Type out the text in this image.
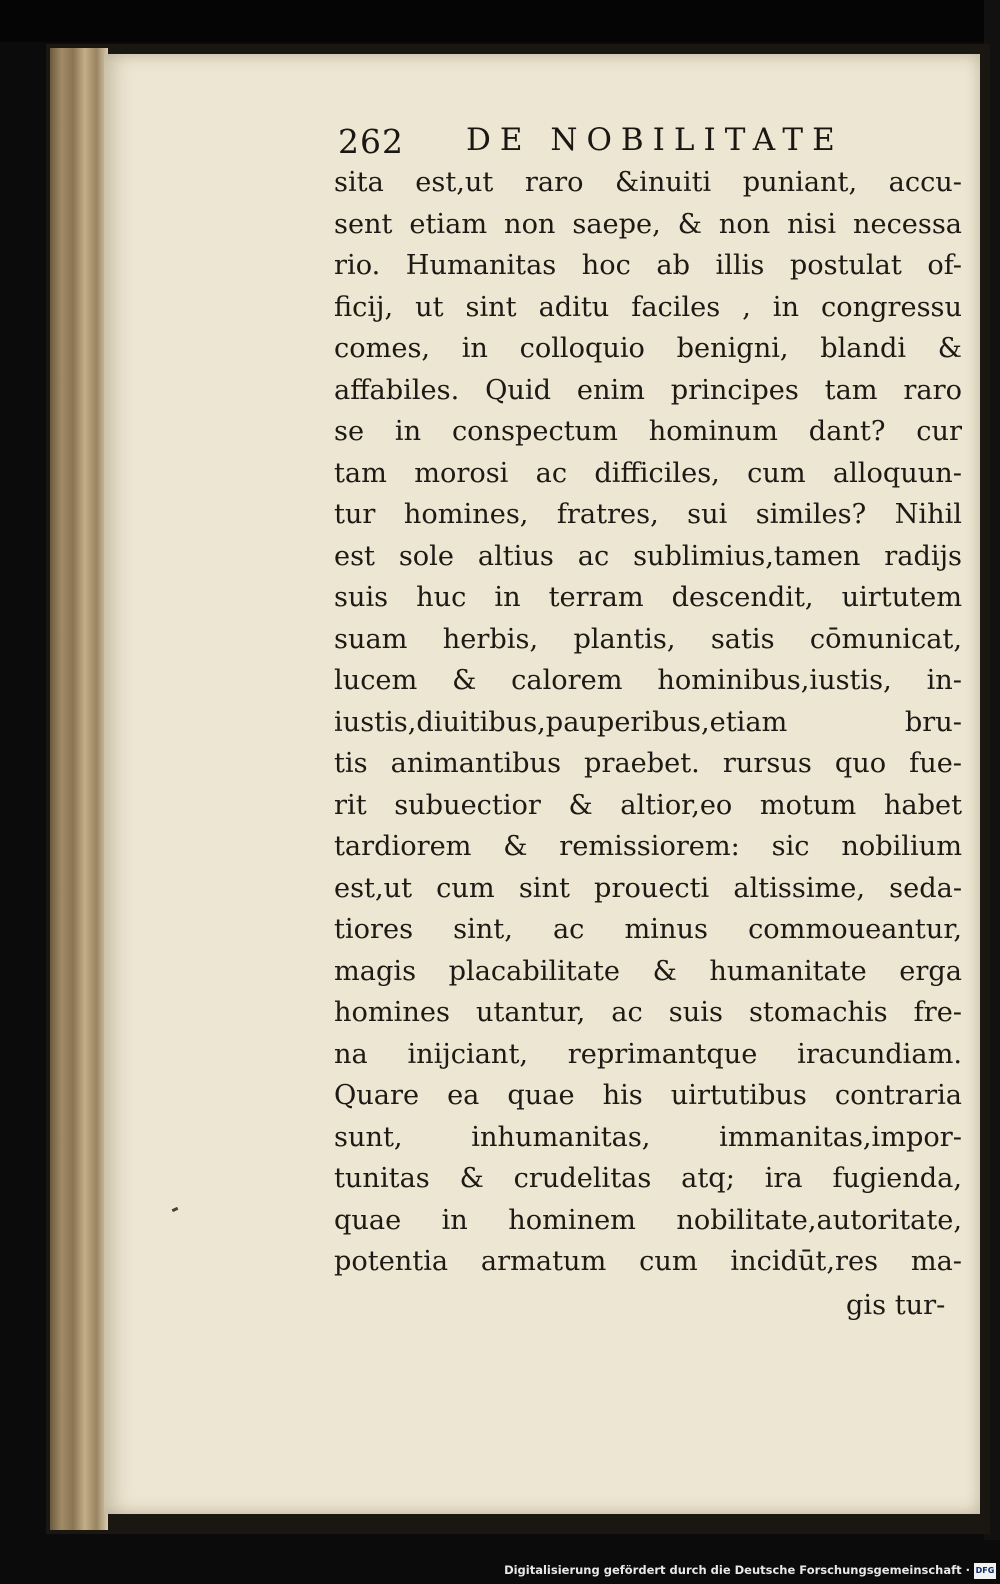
262 DE NOBILITATE
sita est,ut raro &inuiti puniant, accu-
sent etiam non saepe, & non nisi necessa
rio. Humanitas hoc ab illis postulat of-
ficij, ut sint aditu faciles , in congressu
comes, in colloquio benigni, blandi &
affabiles. Quid enim principes tam raro
se in conspectum hominum dant? cur
tam morosi ac difficiles, cum alloquun-
tur homines, fratres, sui similes? Nihil
est sole altius ac sublimius,tamen radijs
suis huc in terram descendit, uirtutem
suam herbis, plantis, satis cōmunicat,
lucem & calorem hominibus,iustis, in-
iustis,diuitibus,pauperibus,etiam bru-
tis animantibus praebet. rursus quo fue-
rit subuectior & altior,eo motum habet
tardiorem & remissiorem: sic nobilium
est,ut cum sint prouecti altissime, seda-
tiores sint, ac minus commoueantur,
magis placabilitate & humanitate erga
homines utantur, ac suis stomachis fre-
na inijciant, reprimantque iracundiam.
Quare ea quae his uirtutibus contraria
sunt, inhumanitas, immanitas,impor-
tunitas & crudelitas atq; ira fugienda,
quae in hominem nobilitate,autoritate,
potentia armatum cum incidūt,res ma-
gis tur-
Digitalisierung gefördert durch die Deutsche Forschungsgemeinschaft · DFG
